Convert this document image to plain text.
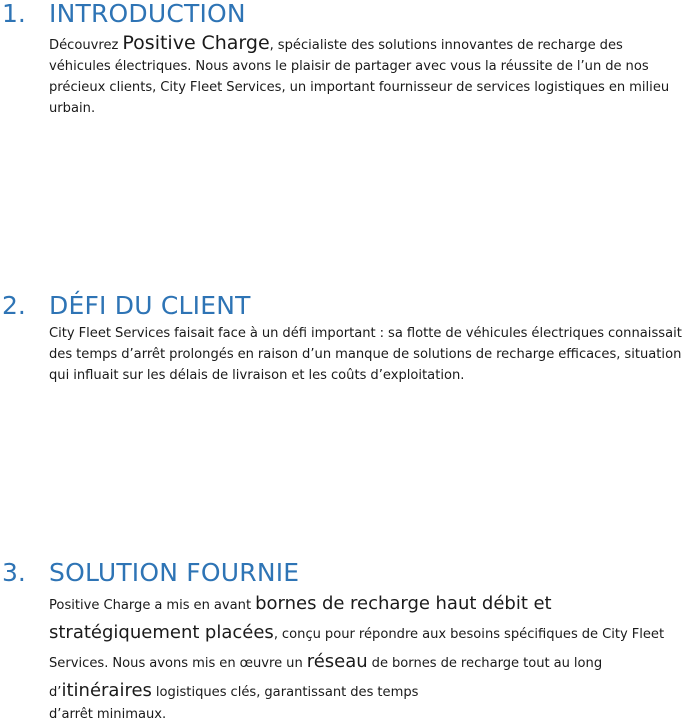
1. INTRODUCTION
Découvrez Positive Charge, spécialiste des solutions innovantes de recharge des véhicules électriques. Nous avons le plaisir de partager avec vous la réussite de l’un de nos précieux clients, City Fleet Services, un important fournisseur de services logistiques en milieu urbain.
2. DÉFI DU CLIENT
City Fleet Services faisait face à un défi important : sa flotte de véhicules électriques connaissait des temps d’arrêt prolongés en raison d’un manque de solutions de recharge efficaces, situation qui influait sur les délais de livraison et les coûts d’exploitation.
3. SOLUTION FOURNIE
Positive Charge a mis en avant bornes de recharge haut débit et stratégiquement placées, conçu pour répondre aux besoins spécifiques de City Fleet Services. Nous avons mis en œuvre un réseau de bornes de recharge tout au long d’itinéraires logistiques clés, garantissant des temps
d’arrêt minimaux.
